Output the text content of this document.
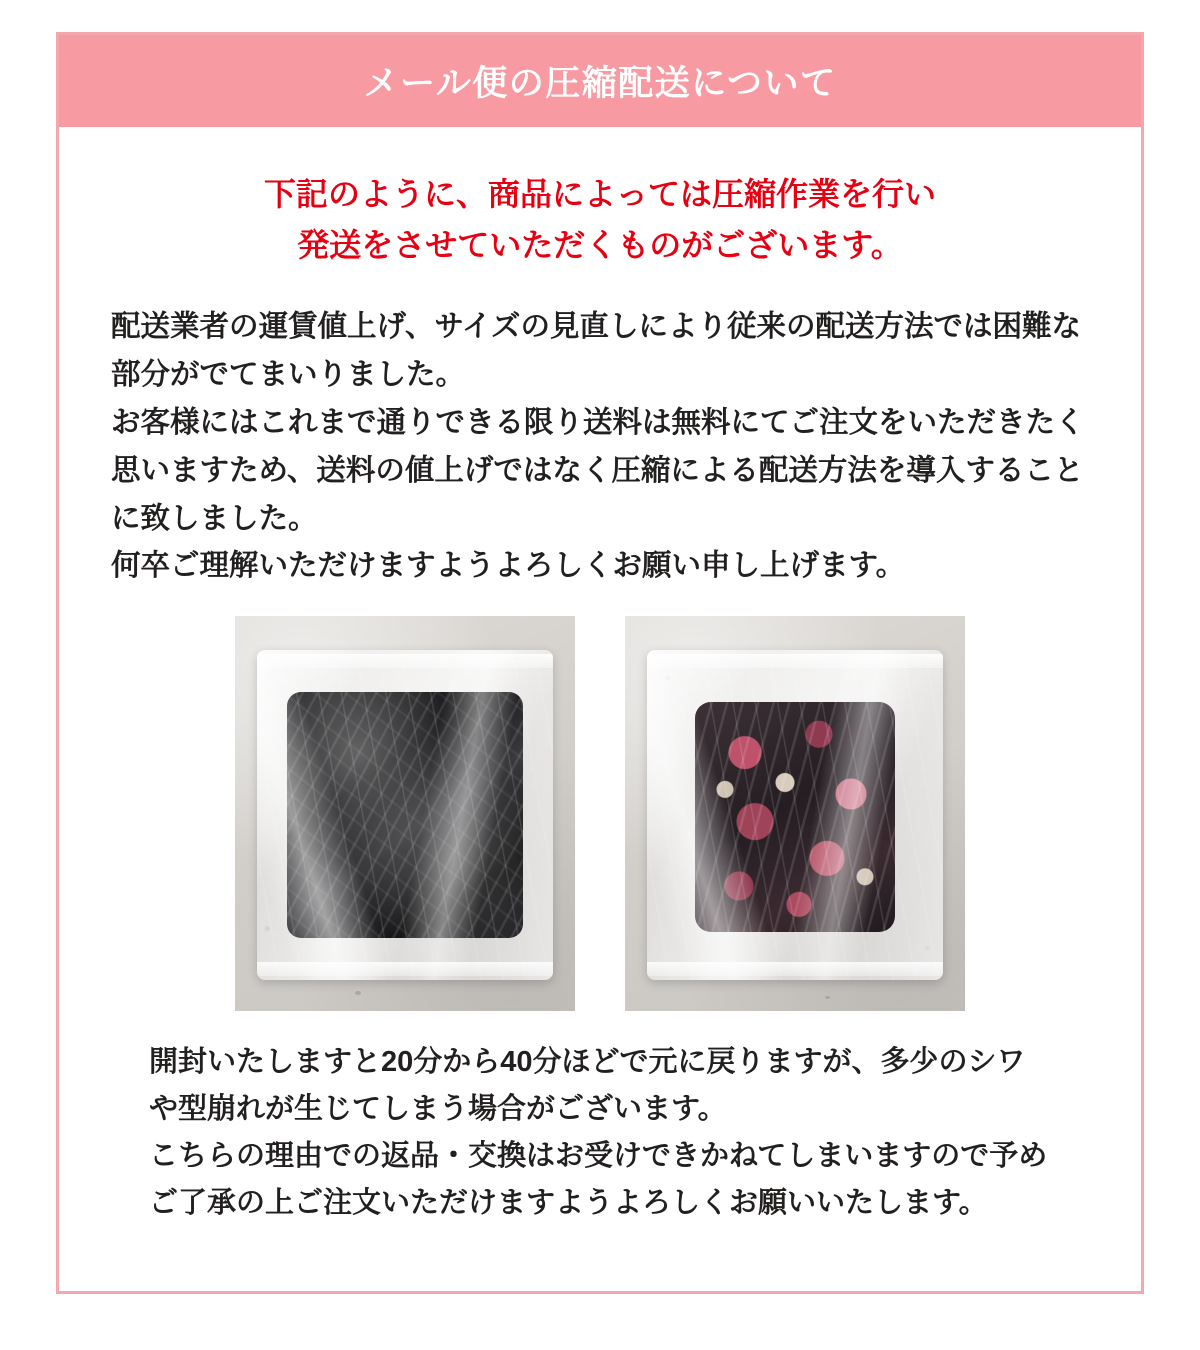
メール便の圧縮配送について
下記のように、商品によっては圧縮作業を行い
発送をさせていただくものがございます。

配送業者の運賃値上げ、サイズの見直しにより従来の配送方法では困難な部分がでてまいりました。

お客様にはこれまで通りできる限り送料は無料にてご注文をいただきたく思いますため、送料の値上げではなく圧縮による配送方法を導入することに致しました。

何卒ご理解いただけますようよろしくお願い申し上げます。

開封いたしますと20分から40分ほどで元に戻りますが、多少のシワや型崩れが生じてしまう場合がございます。

こちらの理由での返品・交換はお受けできかねてしまいますので予めご了承の上ご注文いただけますようよろしくお願いいたします。
